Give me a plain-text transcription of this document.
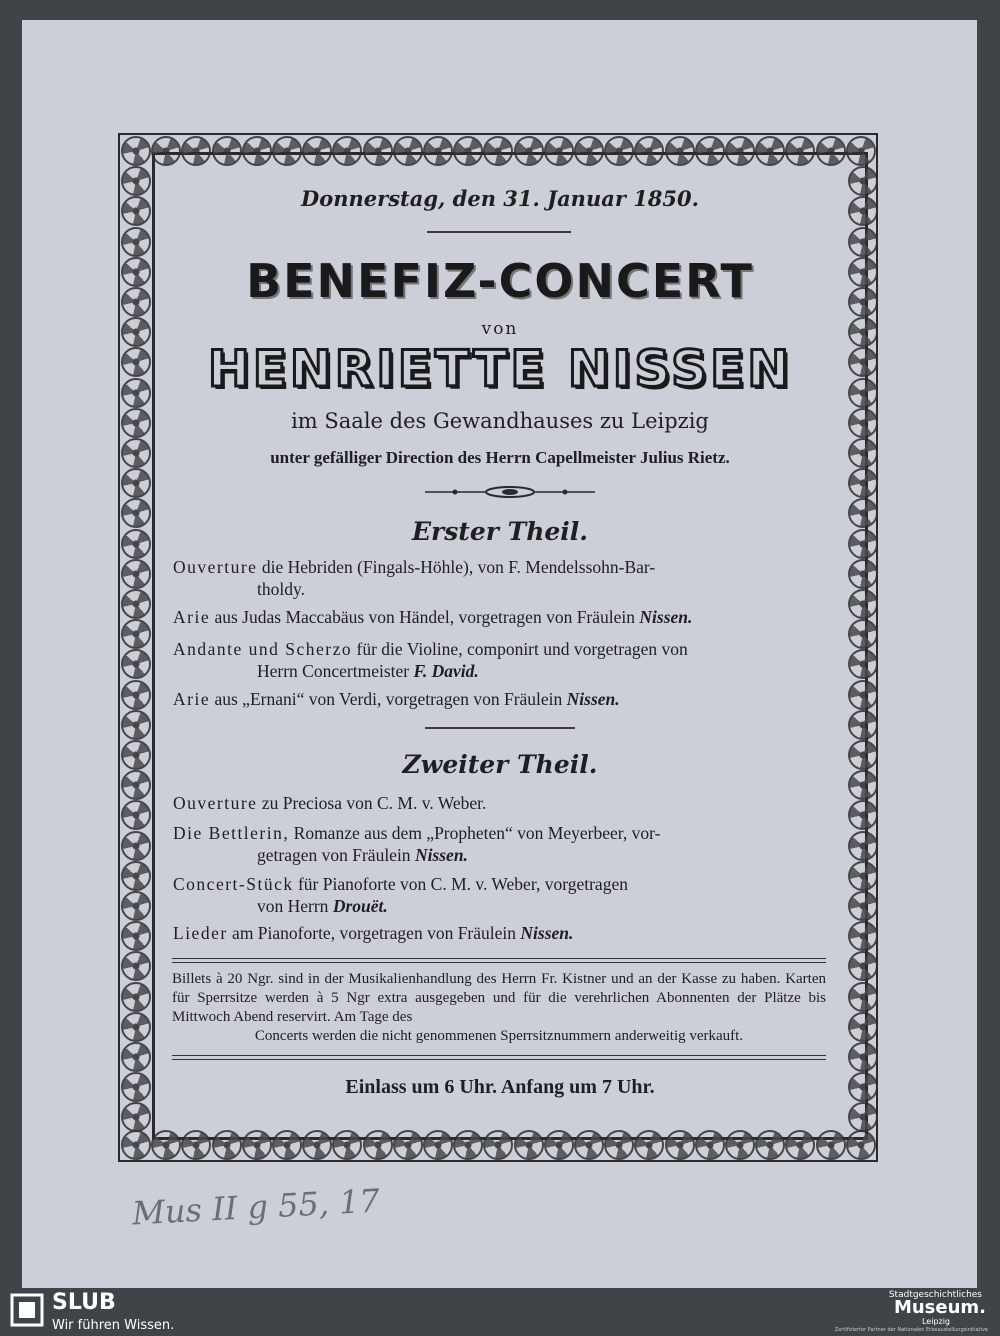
Donnerstag, den 31. Januar 1850.

BENEFIZ-CONCERT

von

HENRIETTE NISSEN

im Saale des Gewandhauses zu Leipzig

unter gefälliger Direction des Herrn Capellmeister Julius Rietz.

Erster Theil.

Ouverture die Hebriden (Fingals-Höhle), von F. Mendelssohn-Bar-
tholdy.
Arie aus Judas Maccabäus von Händel, vorgetragen von Fräulein Nissen.
Andante und Scherzo für die Violine, componirt und vorgetragen von
Herrn Concertmeister F. David.
Arie aus „Ernani“ von Verdi, vorgetragen von Fräulein Nissen.

Zweiter Theil.

Ouverture zu Preciosa von C. M. v. Weber.
Die Bettlerin, Romanze aus dem „Propheten“ von Meyerbeer, vor-
getragen von Fräulein Nissen.
Concert-Stück für Pianoforte von C. M. v. Weber, vorgetragen
von Herrn Drouët.
Lieder am Pianoforte, vorgetragen von Fräulein Nissen.
Billets à 20 Ngr. sind in der Musikalienhandlung des Herrn Fr. Kistner und an der Kasse zu haben. Karten für Sperrsitze werden à 5 Ngr extra ausgegeben und für die verehrlichen Abonnenten der Plätze bis Mittwoch Abend reservirt. Am Tage des
Concerts werden die nicht genommenen Sperrsitznummern anderweitig verkauft.

Einlass um 6 Uhr. Anfang um 7 Uhr.

Mus II g 55, 17
SLUB
Wir führen Wissen.
Stadtgeschichtliches
Museum.
Leipzig
Zertifizierter Partner der Nationalen Erbeaustellungsinitiative
